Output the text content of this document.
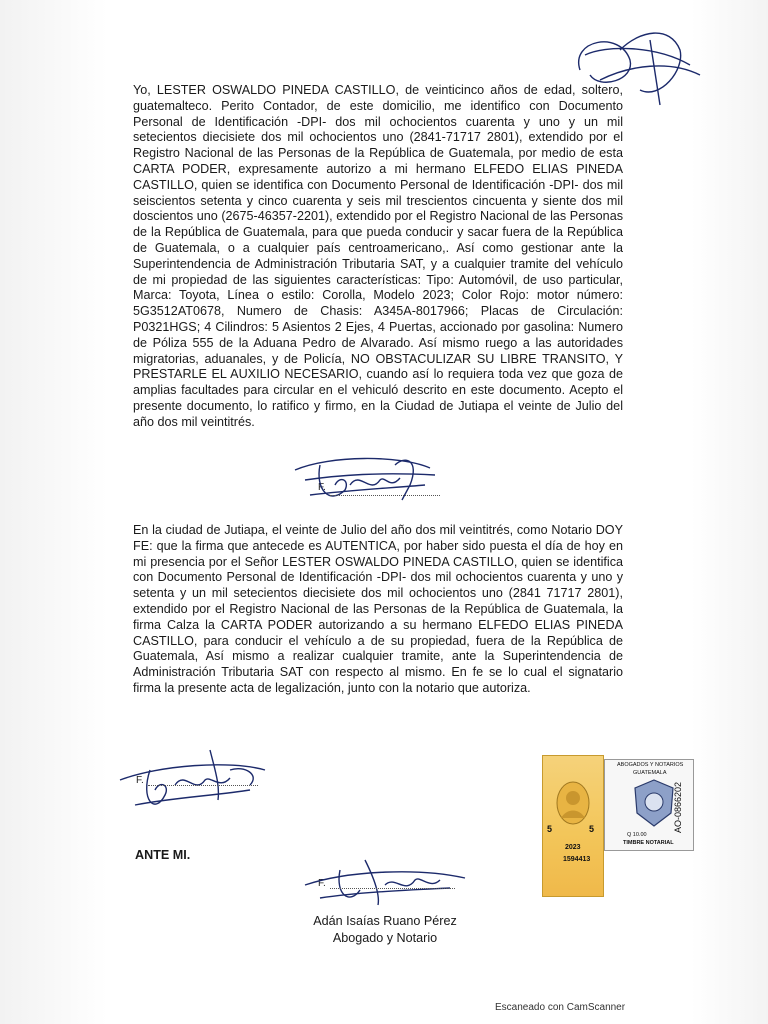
Yo, LESTER OSWALDO PINEDA CASTILLO, de veinticinco años de edad, soltero, guatemalteco. Perito Contador, de este domicilio, me identifico con Documento Personal de Identificación -DPI- dos mil ochocientos cuarenta y uno y un mil setecientos diecisiete dos mil ochocientos uno (2841-71717 2801), extendido por el Registro Nacional de las Personas de la República de Guatemala, por medio de esta CARTA PODER, expresamente autorizo a mi hermano ELFEDO ELIAS PINEDA CASTILLO, quien se identifica con Documento Personal de Identificación -DPI- dos mil seiscientos setenta y cinco cuarenta y seis mil trescientos cincuenta y siente dos mil doscientos uno (2675-46357-2201), extendido por el Registro Nacional de las Personas de la República de Guatemala, para que pueda conducir y sacar fuera de la República de Guatemala, o a cualquier país centroamericano,. Así como gestionar ante la Superintendencia de Administración Tributaria SAT, y a cualquier tramite del vehículo de mi propiedad de las siguientes características: Tipo: Automóvil, de uso particular, Marca: Toyota, Línea o estilo: Corolla, Modelo 2023; Color Rojo: motor número: 5G3512AT0678, Numero de Chasis: A345A-8017966; Placas de Circulación: P0321HGS; 4 Cilindros: 5 Asientos 2 Ejes, 4 Puertas, accionado por gasolina: Numero de Póliza 555 de la Aduana Pedro de Alvarado. Así mismo ruego a las autoridades migratorias, aduanales, y de Policía, NO OBSTACULIZAR SU LIBRE TRANSITO, Y PRESTARLE EL AUXILIO NECESARIO, cuando así lo requiera toda vez que goza de amplias facultades para circular en el vehiculó descrito en este documento. Acepto el presente documento, lo ratifico y firmo, en la Ciudad de Jutiapa el veinte de Julio del año dos mil veintitrés.

En la ciudad de Jutiapa, el veinte de Julio del año dos mil veintitrés, como Notario DOY FE: que la firma que antecede es AUTENTICA, por haber sido puesta el día de hoy en mi presencia por el Señor LESTER OSWALDO PINEDA CASTILLO, quien se identifica con Documento Personal de Identificación -DPI- dos mil ochocientos cuarenta y uno y setenta y un mil setecientos diecisiete dos mil ochocientos uno (2841 71717 2801), extendido por el Registro Nacional de las Personas de la República de Guatemala, la firma Calza la CARTA PODER autorizando a su hermano ELFEDO ELIAS PINEDA CASTILLO, para conducir el vehículo a de su propiedad, fuera de la República de Guatemala, Así mismo a realizar cualquier tramite, ante la Superintendencia de Administración Tributaria SAT con respecto al mismo. En fe se lo cual el signatario firma la presente acta de legalización, junto con la notario que autoriza.

F.
F.
ANTE MI.
F.
Adán Isaías Ruano Pérez
Abogado y Notario
5	5
2023
1594413
ABOGADOS Y NOTARIOS
GUATEMALA
AO-0866202
Q 10.00
TIMBRE NOTARIAL
Escaneado con CamScanner
